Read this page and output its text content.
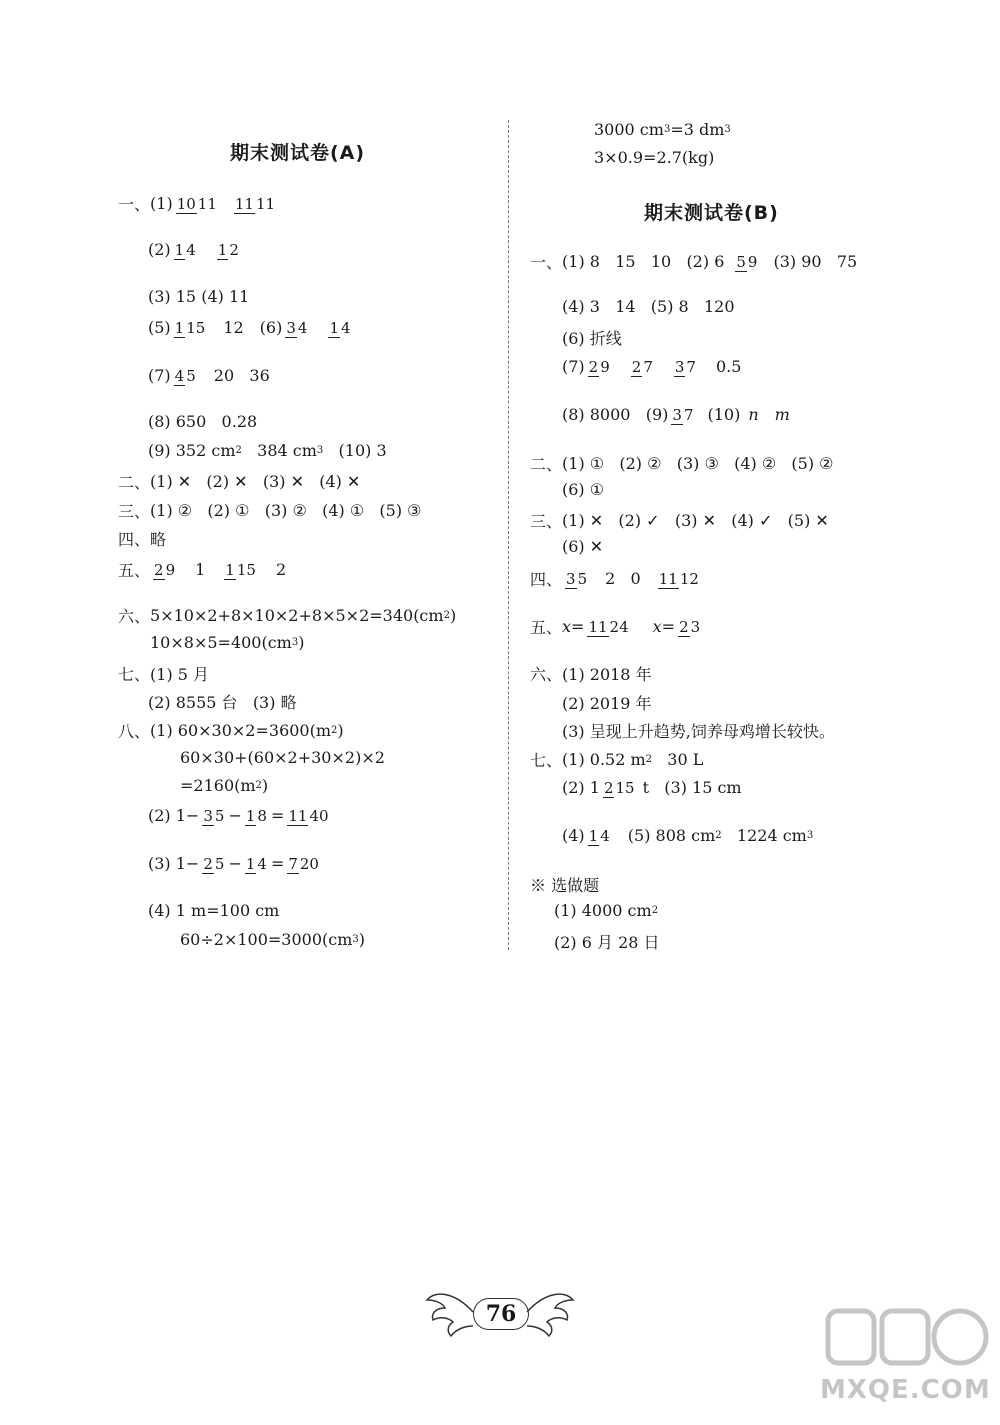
期末测试卷(A)
一、 (1) 10 11 11 11
(2) 1 4 1 2
(3) 15 (4) 11
(5) 1 15 12 (6) 3 4 1 4
(7) 4 5 20   36
(8) 650   0.28
(9) 352 cm 2 384 cm 3 (10) 3
二、 (1) ✕   (2) ✕   (3) ✕   (4) ✕
三、 (1) ②   (2) ①   (3) ②   (4) ①   (5) ③
四、 略
五、 2 9 1 1 15 2
六、 5×10×2+8×10×2+8×5×2=340(cm 2 )
10×8×5=400(cm 3 )
七、 (1) 5 月
(2) 8555 台   (3) 略
八、 (1) 60×30×2=3600(m 2 )
60×30+(60×2+30×2)×2
=2160(m 2 )
(2) 1− 3 5 − 1 8 = 11 40
(3) 1− 2 5 − 1 4 = 7 20
(4) 1 m=100 cm
60÷2×100=3000(cm 3 )
3000 cm 3 =3 dm 3
3×0.9=2.7(kg)
期末测试卷(B)
一、 (1) 8   15   10   (2) 6 5 9 (3) 90   75
(4) 3   14   (5) 8   120
(6) 折线
(7) 2 9 2 7 3 7 0.5
(8) 8000   (9) 3 7 (10) n m
二、 (1) ①   (2) ②   (3) ③   (4) ②   (5) ②
(6) ①
三、 (1) ✕   (2) ✓   (3) ✕   (4) ✓   (5) ✕
(6) ✕
四、 3 5 2   0 11 12
五、 x = 11 24 x = 2 3
六、 (1) 2018 年
(2) 2019 年
(3) 呈现上升趋势,饲养母鸡增长较快。
七、 (1) 0.52 m 2 30 L
(2) 1 2 15 t   (3) 15 cm
(4) 1 4 (5) 808 cm 2 1224 cm 3
※ 选做题
(1) 4000 cm 2
(2) 6 月 28 日
76
MXQE.COM
